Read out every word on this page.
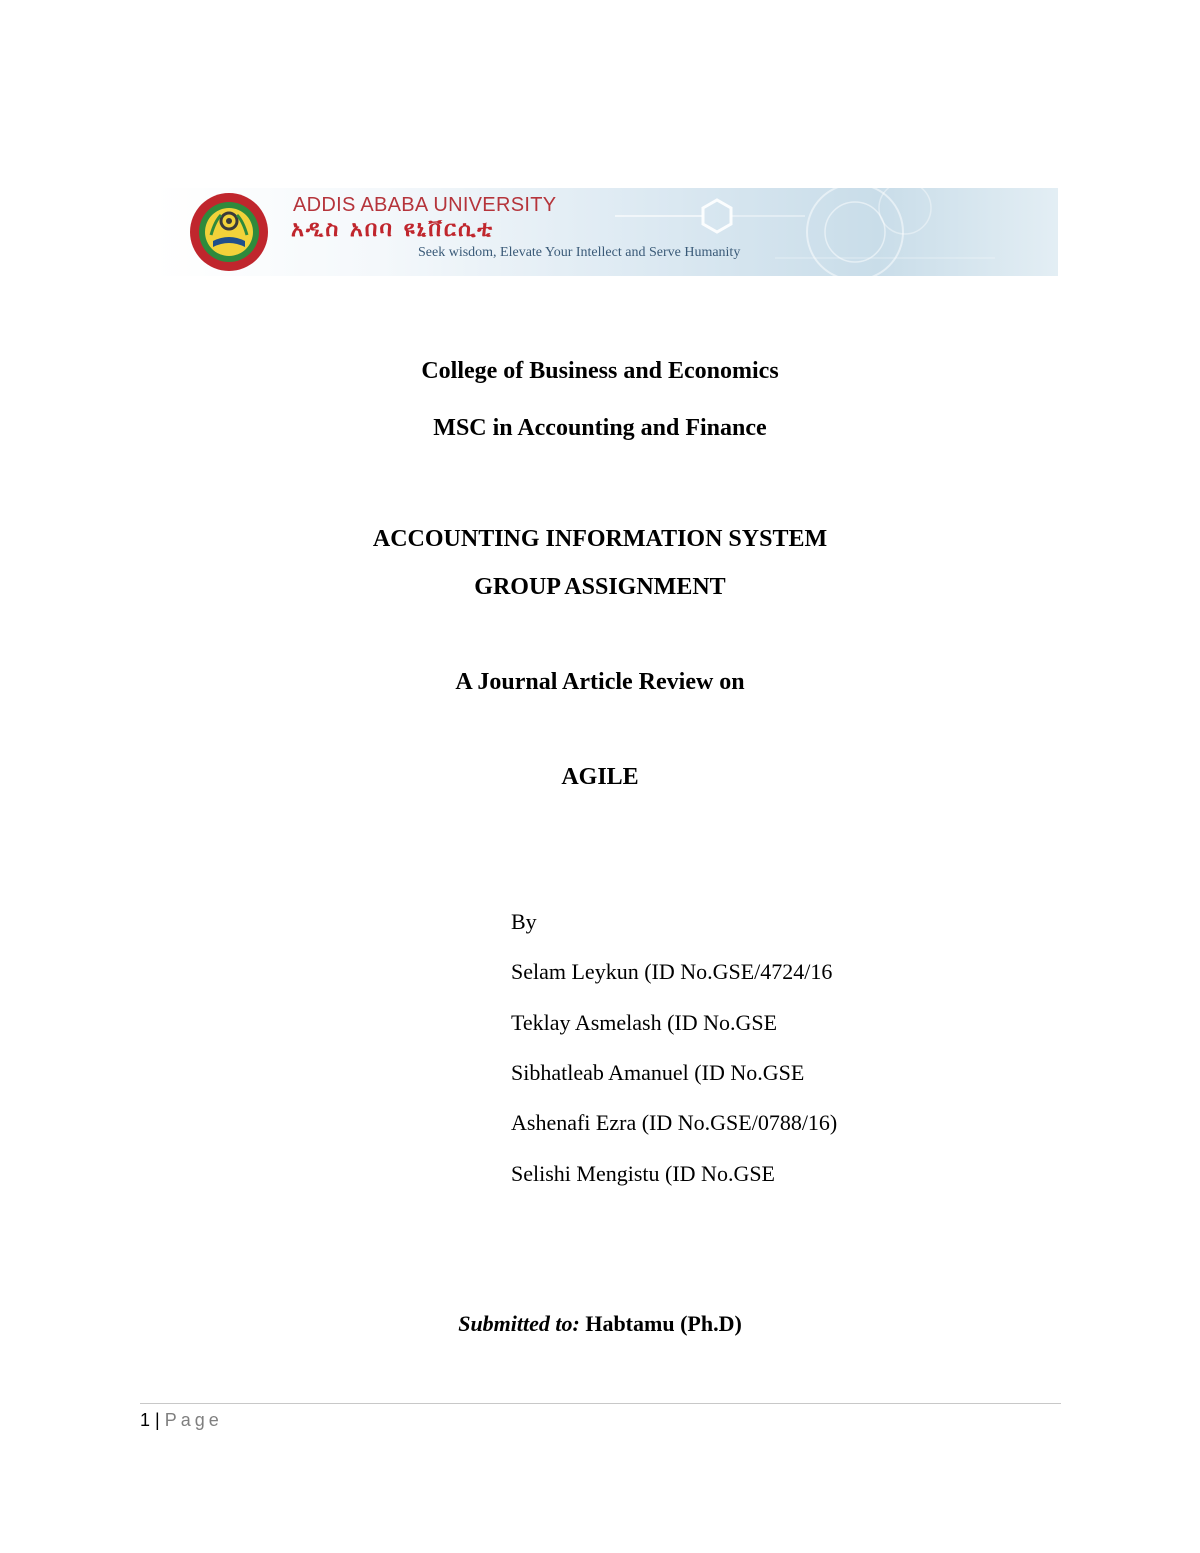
ADDIS ABABA UNIVERSITY
አዲስ አበባ ዩኒቨርሲቲ
Seek wisdom, Elevate Your Intellect and Serve Humanity
College of Business and Economics
MSC in Accounting and Finance
ACCOUNTING INFORMATION SYSTEM
GROUP ASSIGNMENT
A Journal Article Review on
AGILE
By
Selam Leykun (ID No.GSE/4724/16
Teklay Asmelash (ID No.GSE
Sibhatleab Amanuel (ID No.GSE
Ashenafi Ezra (ID No.GSE/0788/16)
Selishi Mengistu (ID No.GSE
Submitted to: Habtamu (Ph.D)
1 | Page
